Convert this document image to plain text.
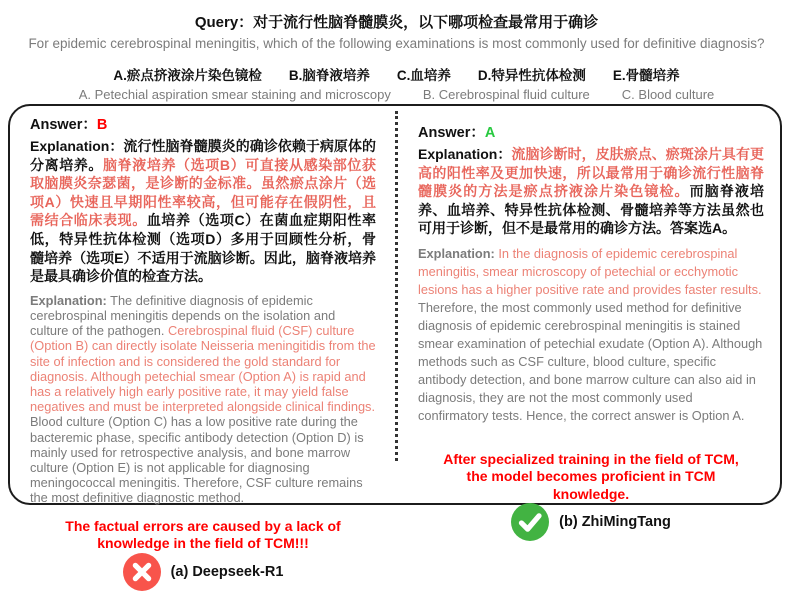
Query：对于流行性脑脊髓膜炎，以下哪项检查最常用于确诊
For epidemic cerebrospinal meningitis, which of the following examinations is most commonly used for definitive diagnosis?
A.瘀点挤液涂片染色镜检 B.脑脊液培养 C.血培养 D.特异性抗体检测 E.骨髓培养
A. Petechial aspiration smear staining and microscopy B. Cerebrospinal fluid culture C. Blood culture
Answer：B

Explanation：流行性脑脊髓膜炎的确诊依赖于病原体的分离培养。脑脊液培养（选项B）可直接从感染部位获取脑膜炎奈瑟菌，是诊断的金标准。虽然瘀点涂片（选项A）快速且早期阳性率较高，但可能存在假阴性，且需结合临床表现。血培养（选项C）在菌血症期阳性率低，特异性抗体检测（选项D）多用于回顾性分析，骨髓培养（选项E）不适用于流脑诊断。因此，脑脊液培养是最具确诊价值的检查方法。

Explanation: The definitive diagnosis of epidemic cerebrospinal meningitis depends on the isolation and culture of the pathogen. Cerebrospinal fluid (CSF) culture (Option B) can directly isolate Neisseria meningitidis from the site of infection and is considered the gold standard for diagnosis. Although petechial smear (Option A) is rapid and has a relatively high early positive rate, it may yield false negatives and must be interpreted alongside clinical findings. Blood culture (Option C) has a low positive rate during the bacteremic phase, specific antibody detection (Option D) is mainly used for retrospective analysis, and bone marrow culture (Option E) is not applicable for diagnosing meningococcal meningitis. Therefore, CSF culture remains the most definitive diagnostic method.

The factual errors are caused by a lack of knowledge in the field of TCM!!!
(a) Deepseek-R1
Answer：A

Explanation：流脑诊断时，皮肤瘀点、瘀斑涂片具有更高的阳性率及更加快速，所以最常用于确诊流行性脑脊髓膜炎的方法是瘀点挤液涂片染色镜检。而脑脊液培养、血培养、特异性抗体检测、骨髓培养等方法虽然也可用于诊断，但不是最常用的确诊方法。答案选A。

Explanation: In the diagnosis of epidemic cerebrospinal meningitis, smear microscopy of petechial or ecchymotic lesions has a higher positive rate and provides faster results. Therefore, the most commonly used method for definitive diagnosis of epidemic cerebrospinal meningitis is stained smear examination of petechial exudate (Option A). Although methods such as CSF culture, blood culture, specific antibody detection, and bone marrow culture can also aid in diagnosis, they are not the most commonly used confirmatory tests. Hence, the correct answer is Option A.

After specialized training in the field of TCM, the model becomes proficient in TCM knowledge.
(b) ZhiMingTang
